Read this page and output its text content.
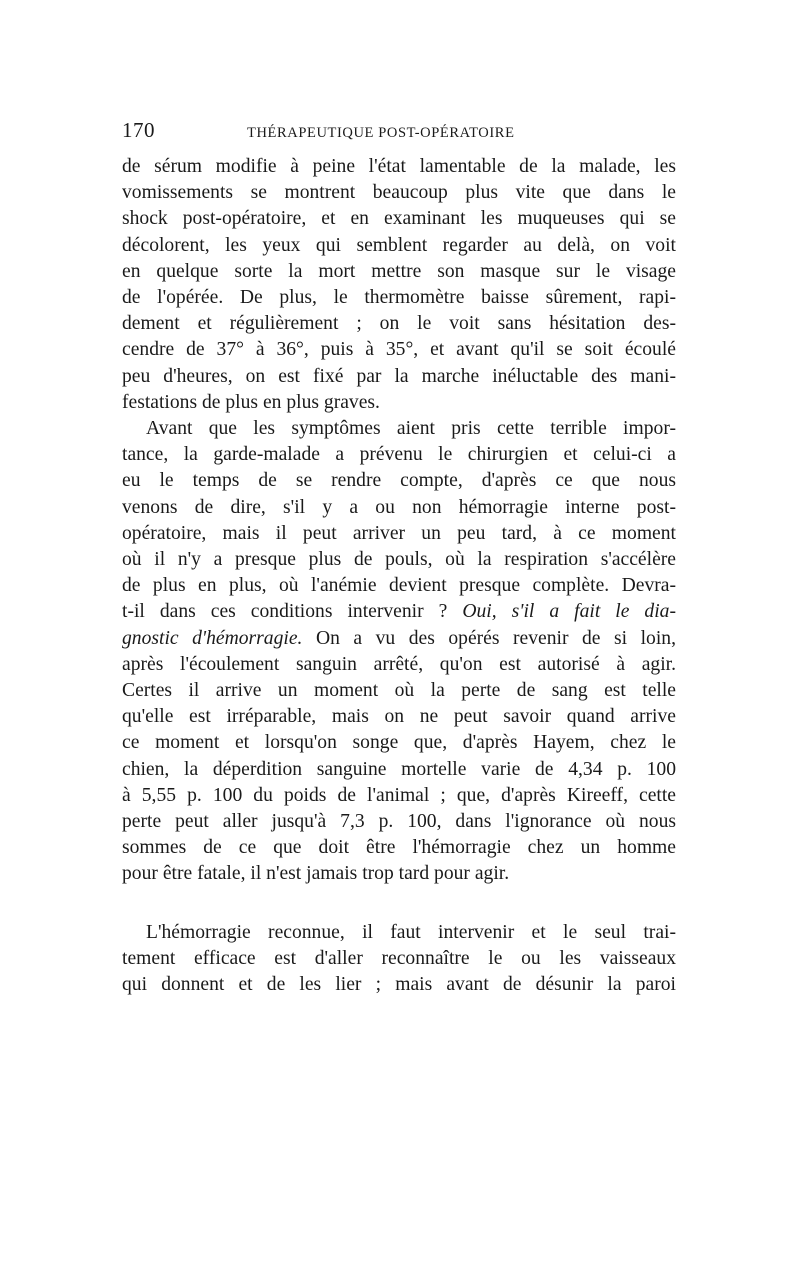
170	THÉRAPEUTIQUE POST-OPÉRATOIRE
de sérum modifie à peine l'état lamentable de la malade, les
vomissements se montrent beaucoup plus vite que dans le
shock post-opératoire, et en examinant les muqueuses qui se
décolorent, les yeux qui semblent regarder au delà, on voit
en quelque sorte la mort mettre son masque sur le visage
de l'opérée. De plus, le thermomètre baisse sûrement, rapi-
dement et régulièrement ; on le voit sans hésitation des-
cendre de 37° à 36°, puis à 35°, et avant qu'il se soit écoulé
peu d'heures, on est fixé par la marche inéluctable des mani-
festations de plus en plus graves.
Avant que les symptômes aient pris cette terrible impor-
tance, la garde-malade a prévenu le chirurgien et celui-ci a
eu le temps de se rendre compte, d'après ce que nous
venons de dire, s'il y a ou non hémorragie interne post-
opératoire, mais il peut arriver un peu tard, à ce moment
où il n'y a presque plus de pouls, où la respiration s'accélère
de plus en plus, où l'anémie devient presque complète. Devra-
t-il dans ces conditions intervenir ? Oui, s'il a fait le dia-
gnostic d'hémorragie. On a vu des opérés revenir de si loin,
après l'écoulement sanguin arrêté, qu'on est autorisé à agir.
Certes il arrive un moment où la perte de sang est telle
qu'elle est irréparable, mais on ne peut savoir quand arrive
ce moment et lorsqu'on songe que, d'après Hayem, chez le
chien, la déperdition sanguine mortelle varie de 4,34 p. 100
à 5,55 p. 100 du poids de l'animal ; que, d'après Kireeff, cette
perte peut aller jusqu'à 7,3 p. 100, dans l'ignorance où nous
sommes de ce que doit être l'hémorragie chez un homme
pour être fatale, il n'est jamais trop tard pour agir.
L'hémorragie reconnue, il faut intervenir et le seul trai-
tement efficace est d'aller reconnaître le ou les vaisseaux
qui donnent et de les lier ; mais avant de désunir la paroi
